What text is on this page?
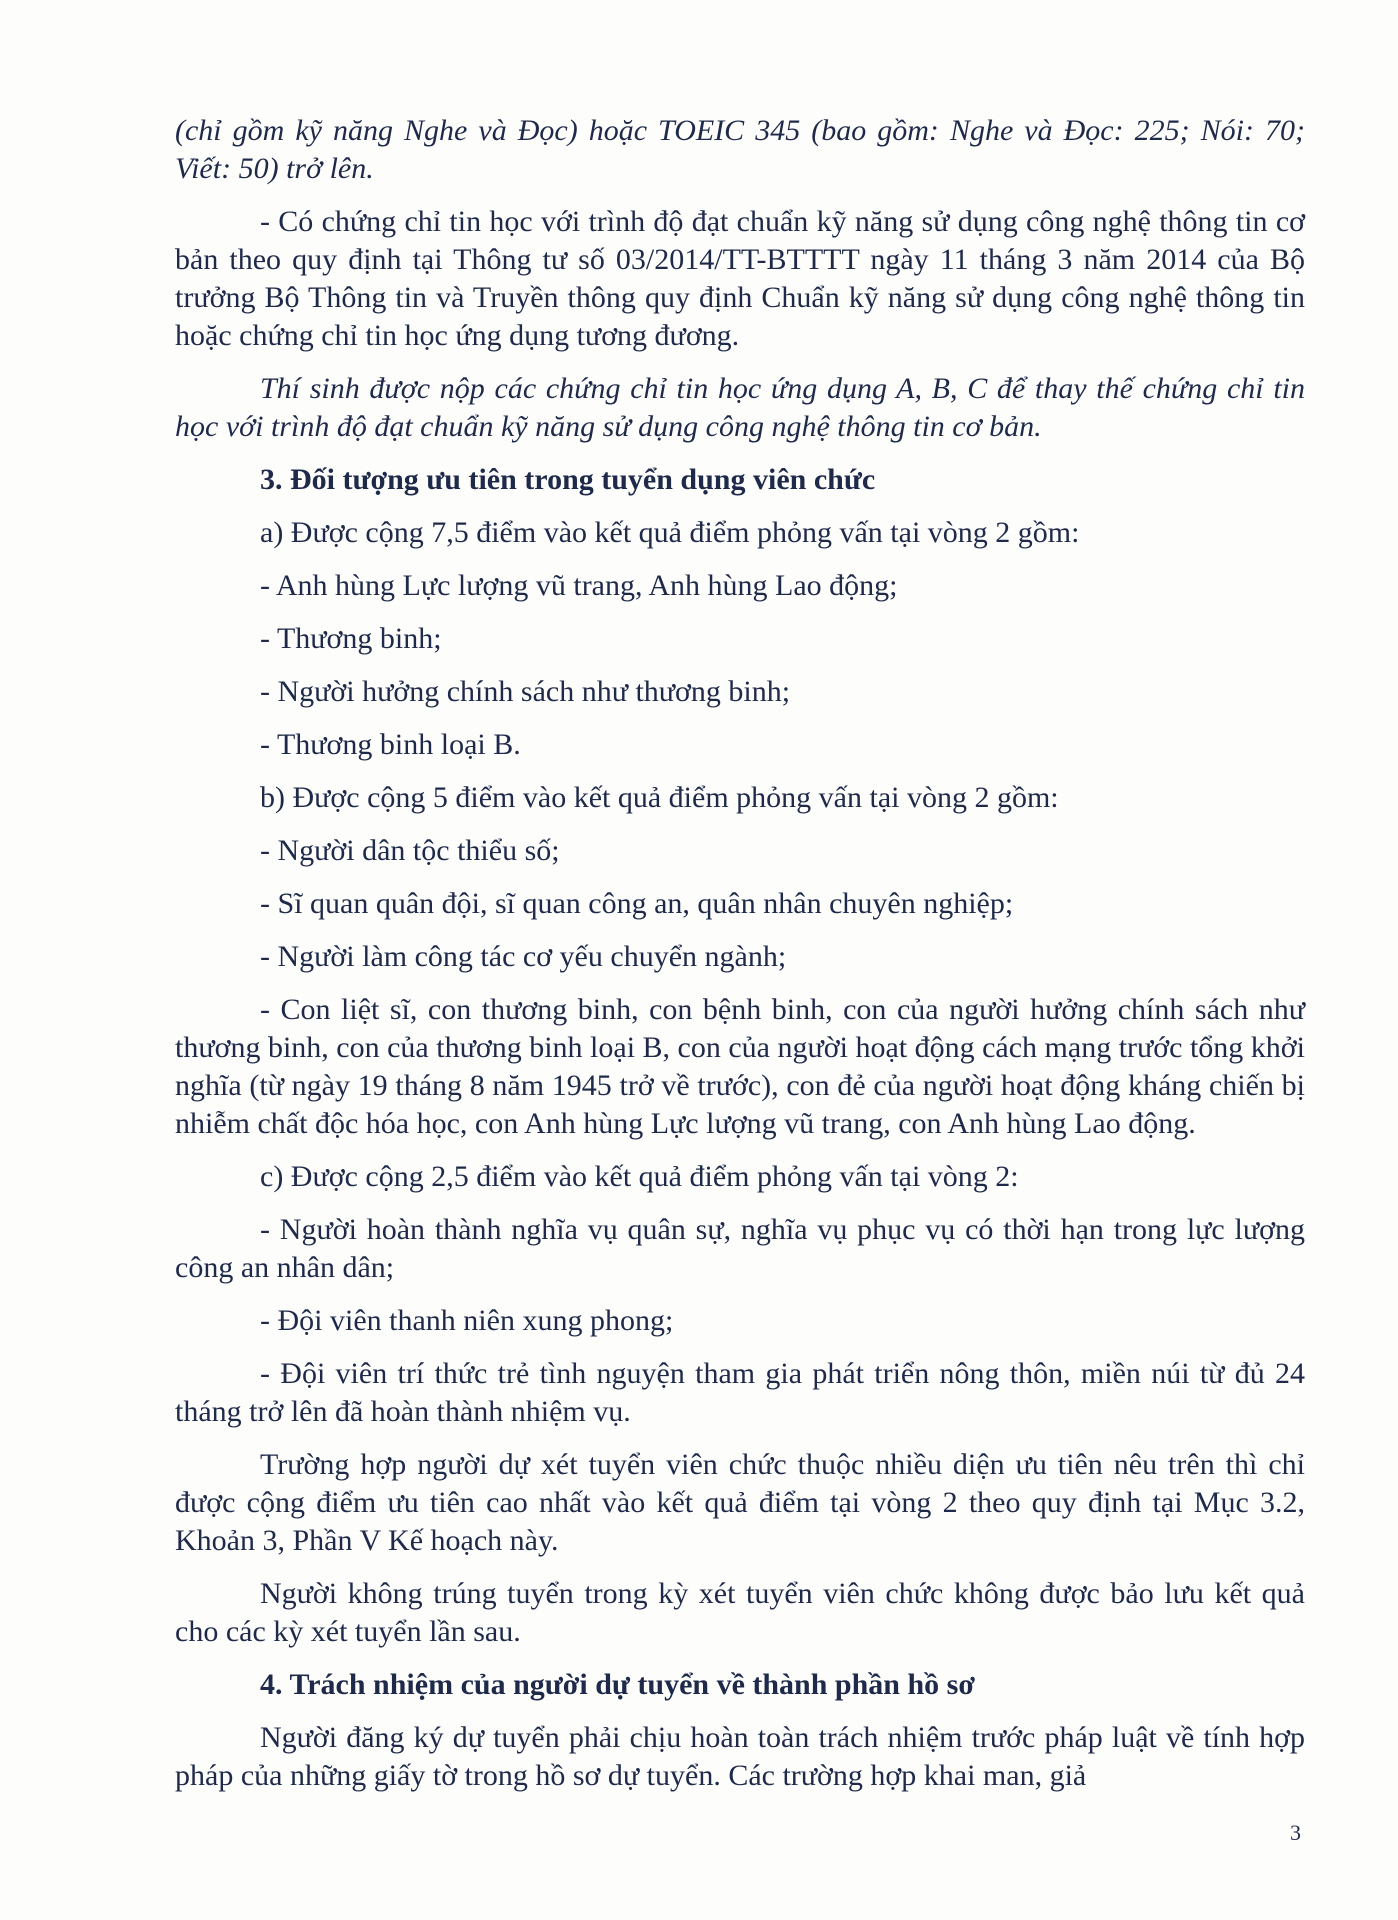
(chỉ gồm kỹ năng Nghe và Đọc) hoặc TOEIC 345 (bao gồm: Nghe và Đọc: 225; Nói: 70; Viết: 50) trở lên.

- Có chứng chỉ tin học với trình độ đạt chuẩn kỹ năng sử dụng công nghệ thông tin cơ bản theo quy định tại Thông tư số 03/2014/TT-BTTTT ngày 11 tháng 3 năm 2014 của Bộ trưởng Bộ Thông tin và Truyền thông quy định Chuẩn kỹ năng sử dụng công nghệ thông tin hoặc chứng chỉ tin học ứng dụng tương đương.

Thí sinh được nộp các chứng chỉ tin học ứng dụng A, B, C để thay thế chứng chỉ tin học với trình độ đạt chuẩn kỹ năng sử dụng công nghệ thông tin cơ bản.

3. Đối tượng ưu tiên trong tuyển dụng viên chức

a) Được cộng 7,5 điểm vào kết quả điểm phỏng vấn tại vòng 2 gồm:

- Anh hùng Lực lượng vũ trang, Anh hùng Lao động;

- Thương binh;

- Người hưởng chính sách như thương binh;

- Thương binh loại B.

b) Được cộng 5 điểm vào kết quả điểm phỏng vấn tại vòng 2 gồm:

- Người dân tộc thiểu số;

- Sĩ quan quân đội, sĩ quan công an, quân nhân chuyên nghiệp;

- Người làm công tác cơ yếu chuyển ngành;

- Con liệt sĩ, con thương binh, con bệnh binh, con của người hưởng chính sách như thương binh, con của thương binh loại B, con của người hoạt động cách mạng trước tổng khởi nghĩa (từ ngày 19 tháng 8 năm 1945 trở về trước), con đẻ của người hoạt động kháng chiến bị nhiễm chất độc hóa học, con Anh hùng Lực lượng vũ trang, con Anh hùng Lao động.

c) Được cộng 2,5 điểm vào kết quả điểm phỏng vấn tại vòng 2:

- Người hoàn thành nghĩa vụ quân sự, nghĩa vụ phục vụ có thời hạn trong lực lượng công an nhân dân;

- Đội viên thanh niên xung phong;

- Đội viên trí thức trẻ tình nguyện tham gia phát triển nông thôn, miền núi từ đủ 24 tháng trở lên đã hoàn thành nhiệm vụ.

Trường hợp người dự xét tuyển viên chức thuộc nhiều diện ưu tiên nêu trên thì chỉ được cộng điểm ưu tiên cao nhất vào kết quả điểm tại vòng 2 theo quy định tại Mục 3.2, Khoản 3, Phần V Kế hoạch này.

Người không trúng tuyển trong kỳ xét tuyển viên chức không được bảo lưu kết quả cho các kỳ xét tuyển lần sau.

4. Trách nhiệm của người dự tuyển về thành phần hồ sơ

Người đăng ký dự tuyển phải chịu hoàn toàn trách nhiệm trước pháp luật về tính hợp pháp của những giấy tờ trong hồ sơ dự tuyển. Các trường hợp khai man, giả

3
